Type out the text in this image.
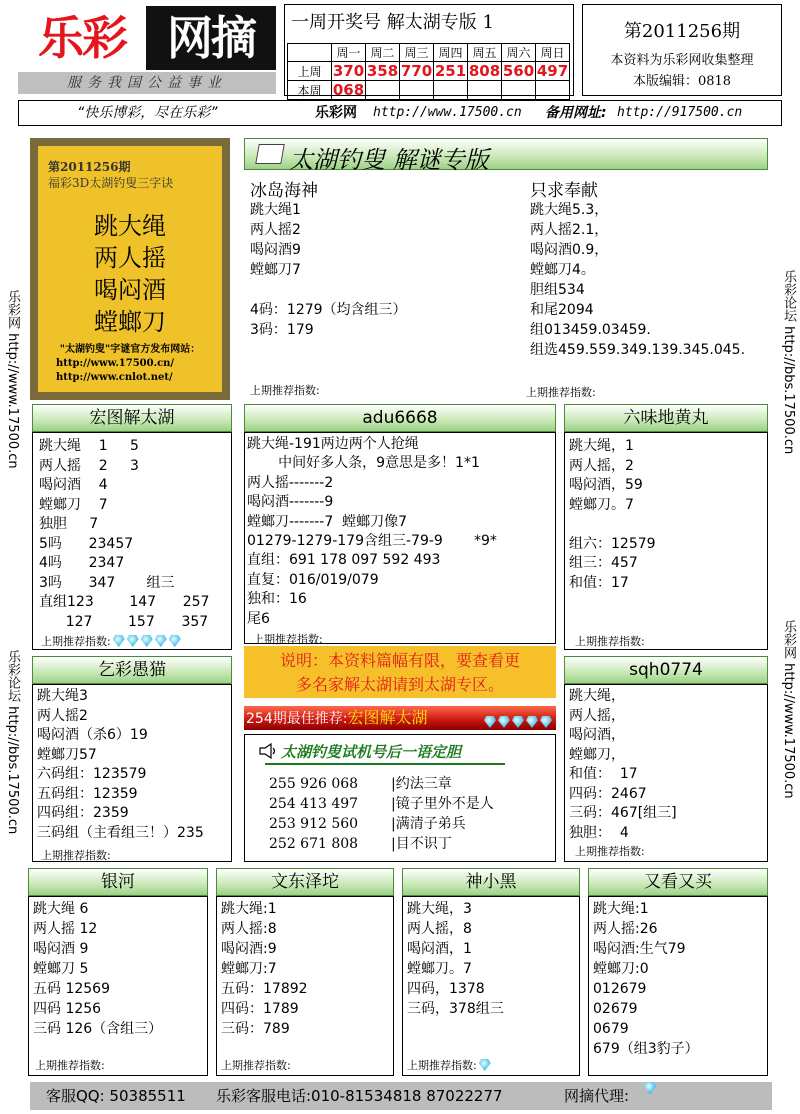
乐彩 网摘
服务我国公益事业
一周开奖号 解太湖专版 1
	周一	周二	周三	周四	周五	周六	周日
上周	370	358	770	251	808	560	497
本周	068						
第2011256期
本资料为乐彩网收集整理
本版编辑：0818
“快乐博彩，尽在乐彩”	乐彩网 http://www.17500.cn 备用网址: http://917500.cn
乐彩网 http://www.17500.cn
乐彩论坛 http://bbs.17500.cn
乐彩论坛 http://bbs.17500.cn
乐彩网 http://www.17500.cn
第2011256期
福彩3D太湖钓叟三字诀
跳大绳
两人摇
喝闷酒
螳螂刀
"太湖钓叟"字谜官方发布网站：
http://www.17500.cn/
http://www.cnlot.net/
太湖钓叟 解谜专版
冰岛海神
跳大绳1
两人摇2
喝闷酒9
螳螂刀7

4码：1279（均含组三）
3码：179
只求奉献
跳大绳5.3，
两人摇2.1，
喝闷酒0.9，
螳螂刀4。
胆组534
和尾2094
组013459.03459.
组选459.559.349.139.345.045.
上期推荐指数:	上期推荐指数:
宏图解太湖
跳大绳    1     5
两人摇    2     3
喝闷酒    4
螳螂刀    7
独胆     7
5吗      23457
4吗      2347
3吗      347       组三
直组123        147      257
127        157      357
上期推荐指数:
adu6668
跳大绳-191两边两个人抢绳
中间好多人条，9意思是多！1*1
两人摇-------2
喝闷酒-------9
螳螂刀-------7  螳螂刀像7
01279-1279-179含组三-79-9       *9*
直组：691 178 097 592 493
直复：016/019/079
独和：16
尾6
上期推荐指数:
六味地黄丸
跳大绳，1
两人摇，2
喝闷酒，59
螳螂刀。7

组六：12579
组三：457
和值：17
上期推荐指数:
说明：本资料篇幅有限，要查看更
多名家解太湖请到太湖专区。
254期最佳推荐:宏图解太湖
太湖钓叟试机号后一语定胆
255 926 068 |约法三章
254 413 497 |镜子里外不是人
253 912 560 |满清子弟兵
252 671 808 |目不识丁
乞彩愚猫
跳大绳3
两人摇2
喝闷酒（杀6）19
螳螂刀57
六码组：123579
五码组：12359
四码组：2359
三码组（主看组三！）235
上期推荐指数:
sqh0774
跳大绳，
两人摇，
喝闷酒，
螳螂刀，
和值：  17
四码：2467
三码：467[组三]
独胆：  4
上期推荐指数:
银河
跳大绳 6
两人摇 12
喝闷酒 9
螳螂刀 5
五码 12569
四码 1256
三码 126（含组三）
上期推荐指数:
文东泽坨
跳大绳:1
两人摇:8
喝闷酒:9
螳螂刀:7
五码：17892
四码：1789
三码：789
上期推荐指数:
神小黑
跳大绳，3
两人摇，8
喝闷酒，1
螳螂刀。7
四码，1378
三码，378组三
上期推荐指数:
又看又买
跳大绳:1
两人摇:26
喝闷酒:生气79
螳螂刀:0
012679
02679
0679
679（组3豹子）
客服QQ: 50385511 乐彩客服电话:010-81534818 87022277	网摘代理:
